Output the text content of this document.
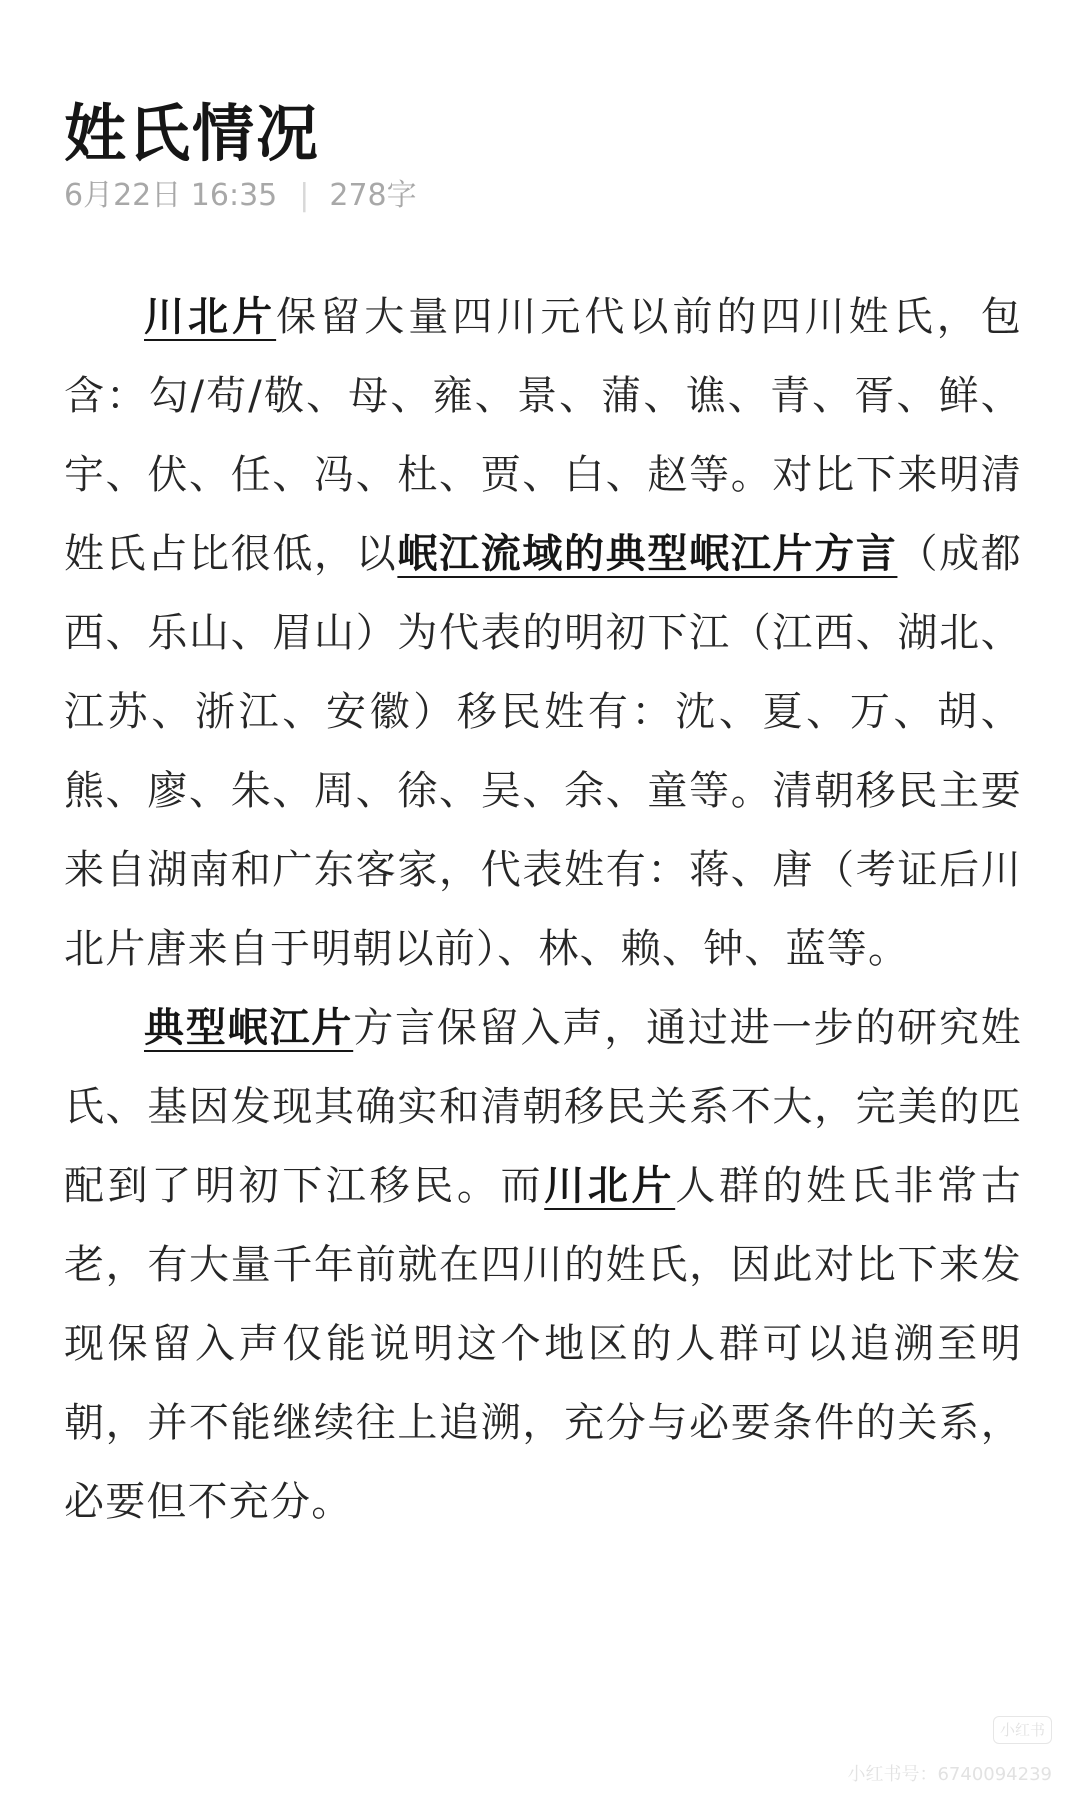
姓氏情况
6月22日 16:35 | 278字

川北片保留大量四川元代以前的四川姓氏，包含：勾/苟/敬、母、雍、景、蒲、谯、青、胥、鲜、宇、伏、任、冯、杜、贾、白、赵等。对比下来明清姓氏占比很低，以岷江流域的典型岷江片方言（成都西、乐山、眉山）为代表的明初下江（江西、湖北、江苏、浙江、安徽）移民姓有：沈、夏、万、胡、熊、廖、朱、周、徐、吴、余、童等。清朝移民主要来自湖南和广东客家，代表姓有：蒋、唐（考证后川北片唐来自于明朝以前）、林、赖、钟、蓝等。

典型岷江片方言保留入声，通过进一步的研究姓氏、基因发现其确实和清朝移民关系不大，完美的匹配到了明初下江移民。而川北片人群的姓氏非常古老，有大量千年前就在四川的姓氏，因此对比下来发现保留入声仅能说明这个地区的人群可以追溯至明朝，并不能继续往上追溯，充分与必要条件的关系，必要但不充分。

小红书
小红书号：6740094239
